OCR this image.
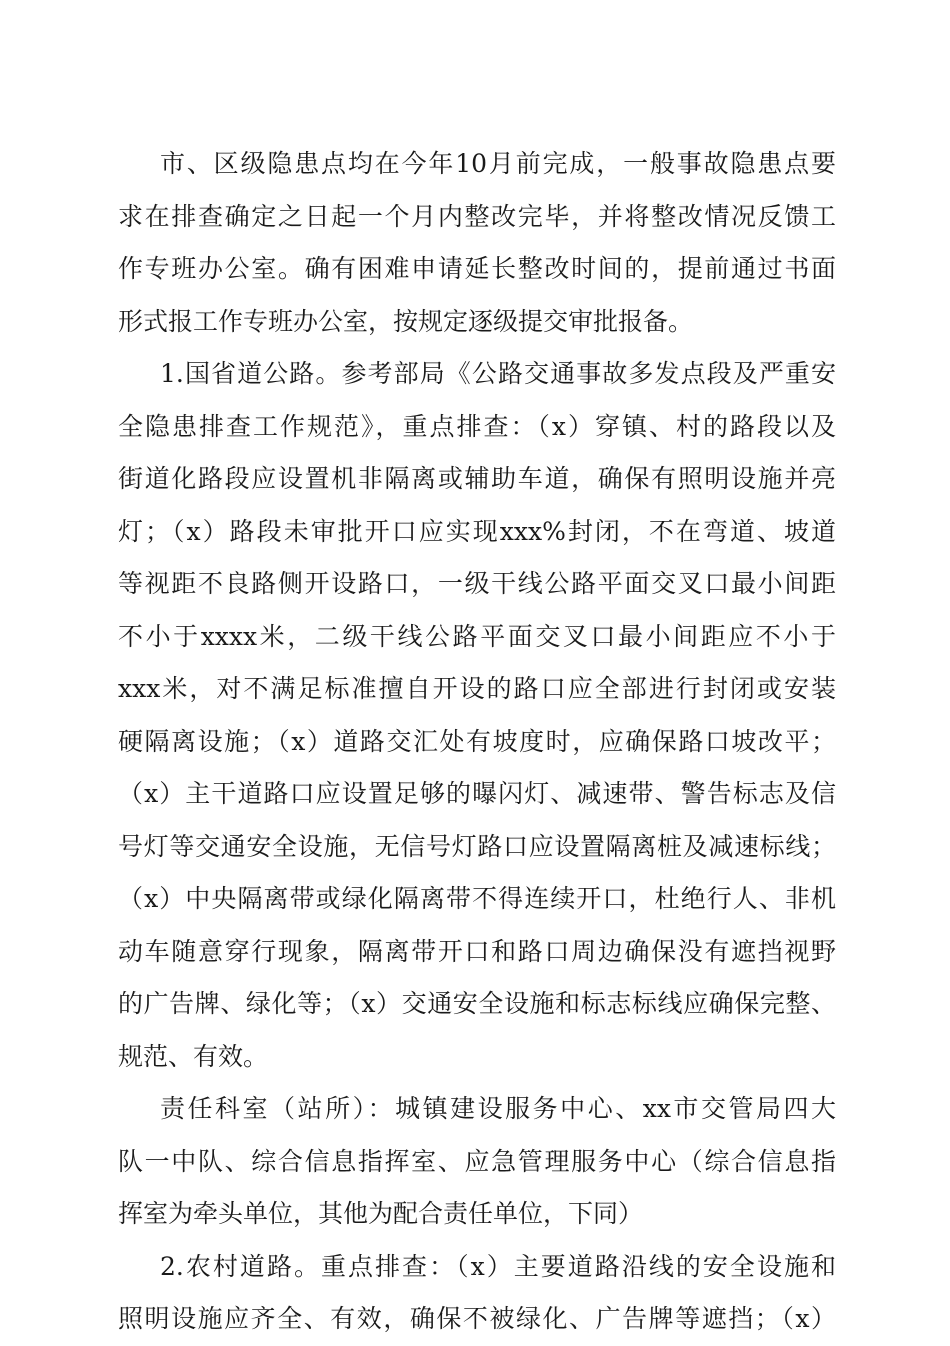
市、区级隐患点均在今年10月前完成，一般事故隐患点要
求在排查确定之日起一个月内整改完毕，并将整改情况反馈工
作专班办公室。确有困难申请延长整改时间的，提前通过书面
形式报工作专班办公室，按规定逐级提交审批报备。
1.国省道公路。参考部局《公路交通事故多发点段及严重安
全隐患排查工作规范》，重点排查：（x）穿镇、村的路段以及
街道化路段应设置机非隔离或辅助车道，确保有照明设施并亮
灯；（x）路段未审批开口应实现xxx%封闭，不在弯道、坡道
等视距不良路侧开设路口，一级干线公路平面交叉口最小间距
不小于xxxx米，二级干线公路平面交叉口最小间距应不小于
xxx米，对不满足标准擅自开设的路口应全部进行封闭或安装
硬隔离设施；（x）道路交汇处有坡度时，应确保路口坡改平；
（x）主干道路口应设置足够的曝闪灯、减速带、警告标志及信
号灯等交通安全设施，无信号灯路口应设置隔离桩及减速标线；
（x）中央隔离带或绿化隔离带不得连续开口，杜绝行人、非机
动车随意穿行现象，隔离带开口和路口周边确保没有遮挡视野
的广告牌、绿化等；（x）交通安全设施和标志标线应确保完整、
规范、有效。
责任科室（站所）：城镇建设服务中心、xx市交管局四大
队一中队、综合信息指挥室、应急管理服务中心（综合信息指
挥室为牵头单位，其他为配合责任单位，下同）
2.农村道路。重点排查：（x）主要道路沿线的安全设施和
照明设施应齐全、有效，确保不被绿化、广告牌等遮挡；（x）
